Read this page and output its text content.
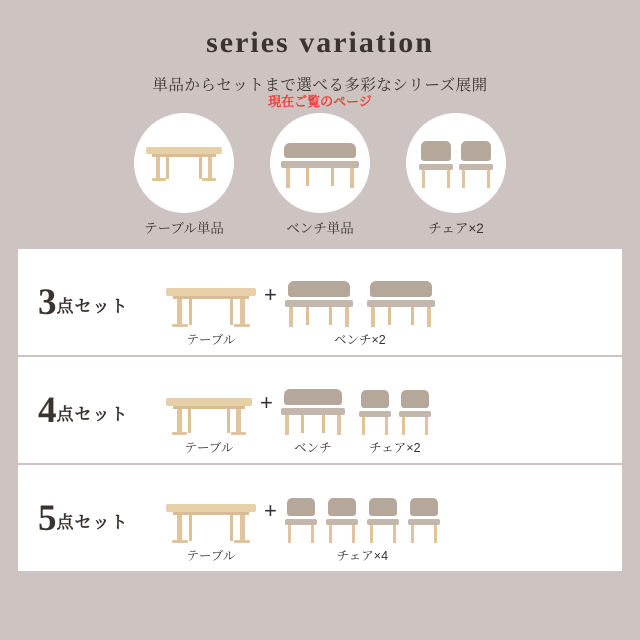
series variation
単品からセットまで選べる多彩なシリーズ展開
テーブル単品
現在ご覧のページ
ベンチ単品	チェア×2
3点セット
テーブル
+
ベンチ×2
4点セット
テーブル
+
ベンチ	チェア×2
5点セット
テーブル
+
チェア×4
